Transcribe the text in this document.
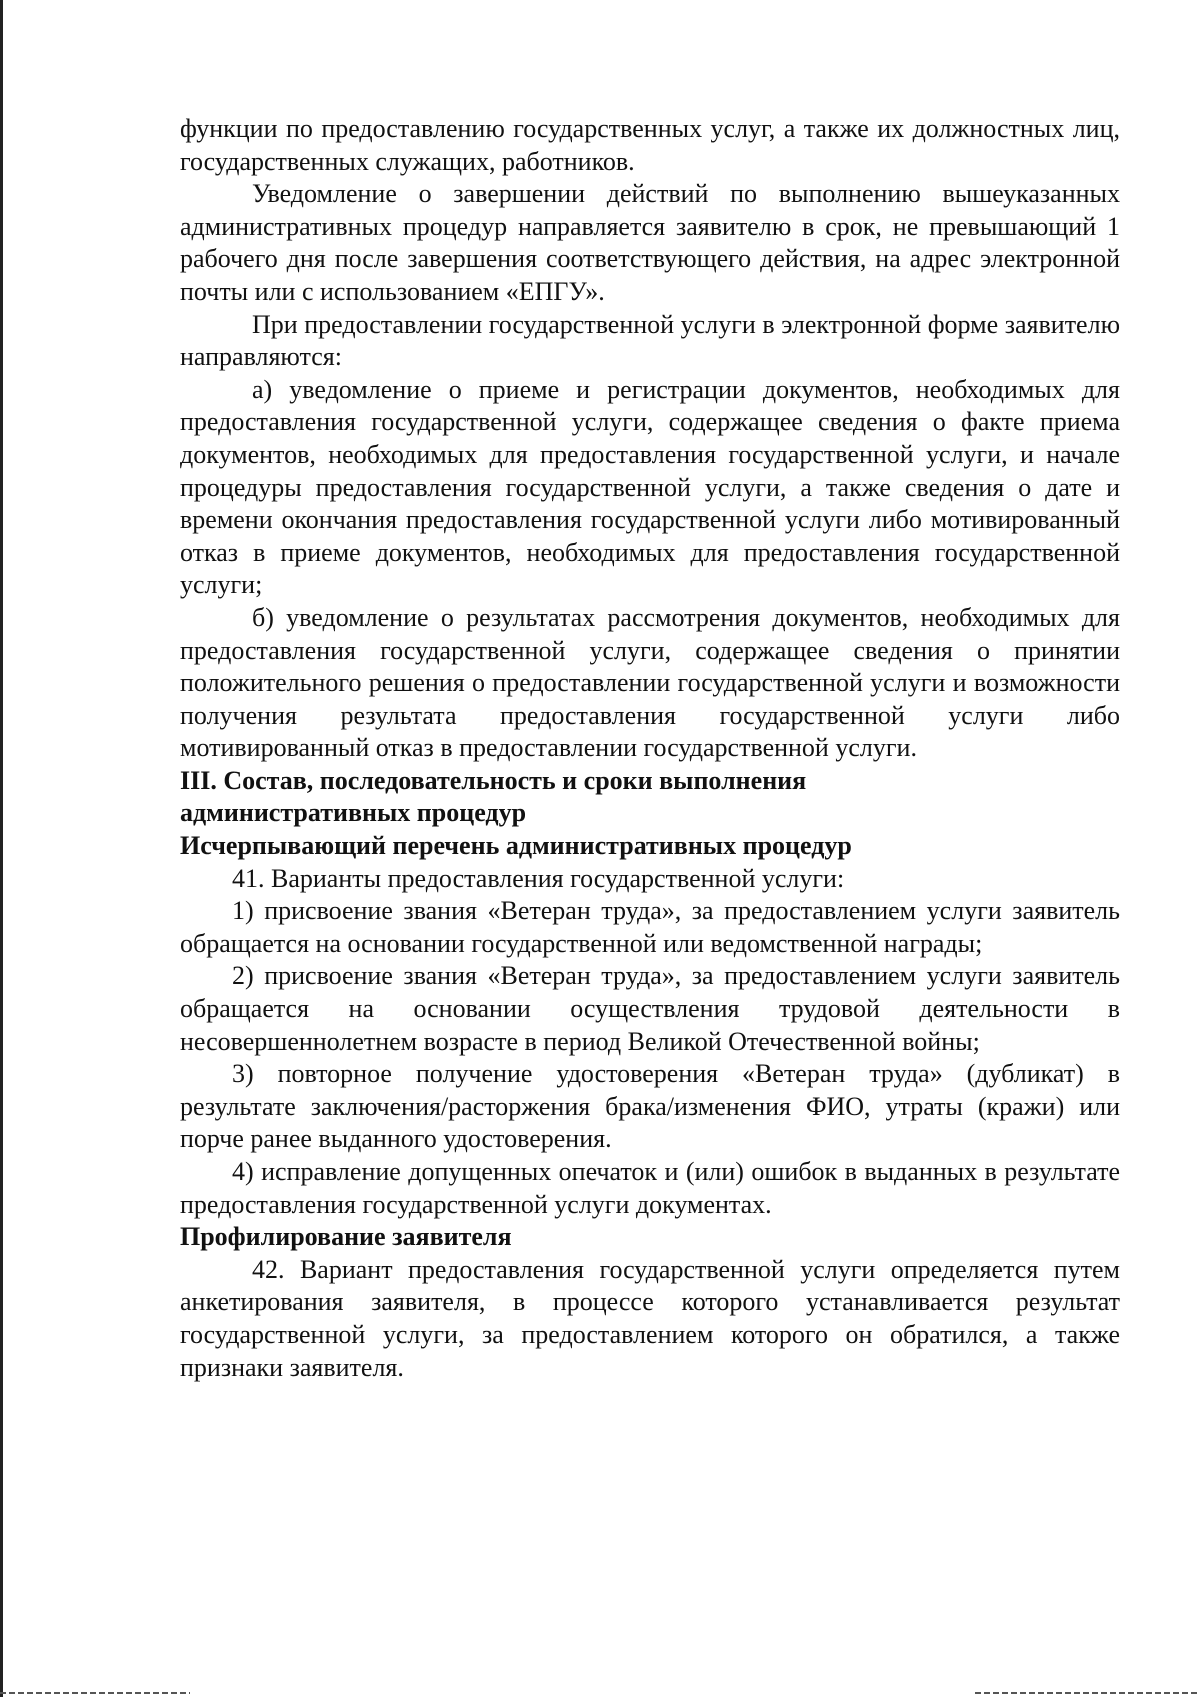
функции по предоставлению государственных услуг, а также их должностных лиц, государственных служащих, работников.

Уведомление о завершении действий по выполнению вышеуказанных административных процедур направляется заявителю в срок, не превышающий 1 рабочего дня после завершения соответствующего действия, на адрес электронной почты или с использованием «ЕПГУ».

При предоставлении государственной услуги в электронной форме заявителю направляются:

а) уведомление о приеме и регистрации документов, необходимых для предоставления государственной услуги, содержащее сведения о факте приема документов, необходимых для предоставления государственной услуги, и начале процедуры предоставления государственной услуги, а также сведения о дате и времени окончания предоставления государственной услуги либо мотивированный отказ в приеме документов, необходимых для предоставления государственной услуги;

б) уведомление о результатах рассмотрения документов, необходимых для предоставления государственной услуги, содержащее сведения о принятии положительного решения о предоставлении государственной услуги и возможности получения результата предоставления государственной услуги либо мотивированный отказ в предоставлении государственной услуги.

III. Состав, последовательность и сроки выполнения
административных процедур

Исчерпывающий перечень административных процедур

41. Варианты предоставления государственной услуги:

1) присвоение звания «Ветеран труда», за предоставлением услуги заявитель обращается на основании государственной или ведомственной награды;

2) присвоение звания «Ветеран труда», за предоставлением услуги заявитель обращается на основании осуществления трудовой деятельности в несовершеннолетнем возрасте в период Великой Отечественной войны;

3) повторное получение удостоверения «Ветеран труда» (дубликат) в результате заключения/расторжения брака/изменения ФИО, утраты (кражи) или порче ранее выданного удостоверения.

4) исправление допущенных опечаток и (или) ошибок в выданных в результате предоставления государственной услуги документах.

Профилирование заявителя

42. Вариант предоставления государственной услуги определяется путем анкетирования заявителя, в процессе которого устанавливается результат государственной услуги, за предоставлением которого он обратился, а также признаки заявителя.
